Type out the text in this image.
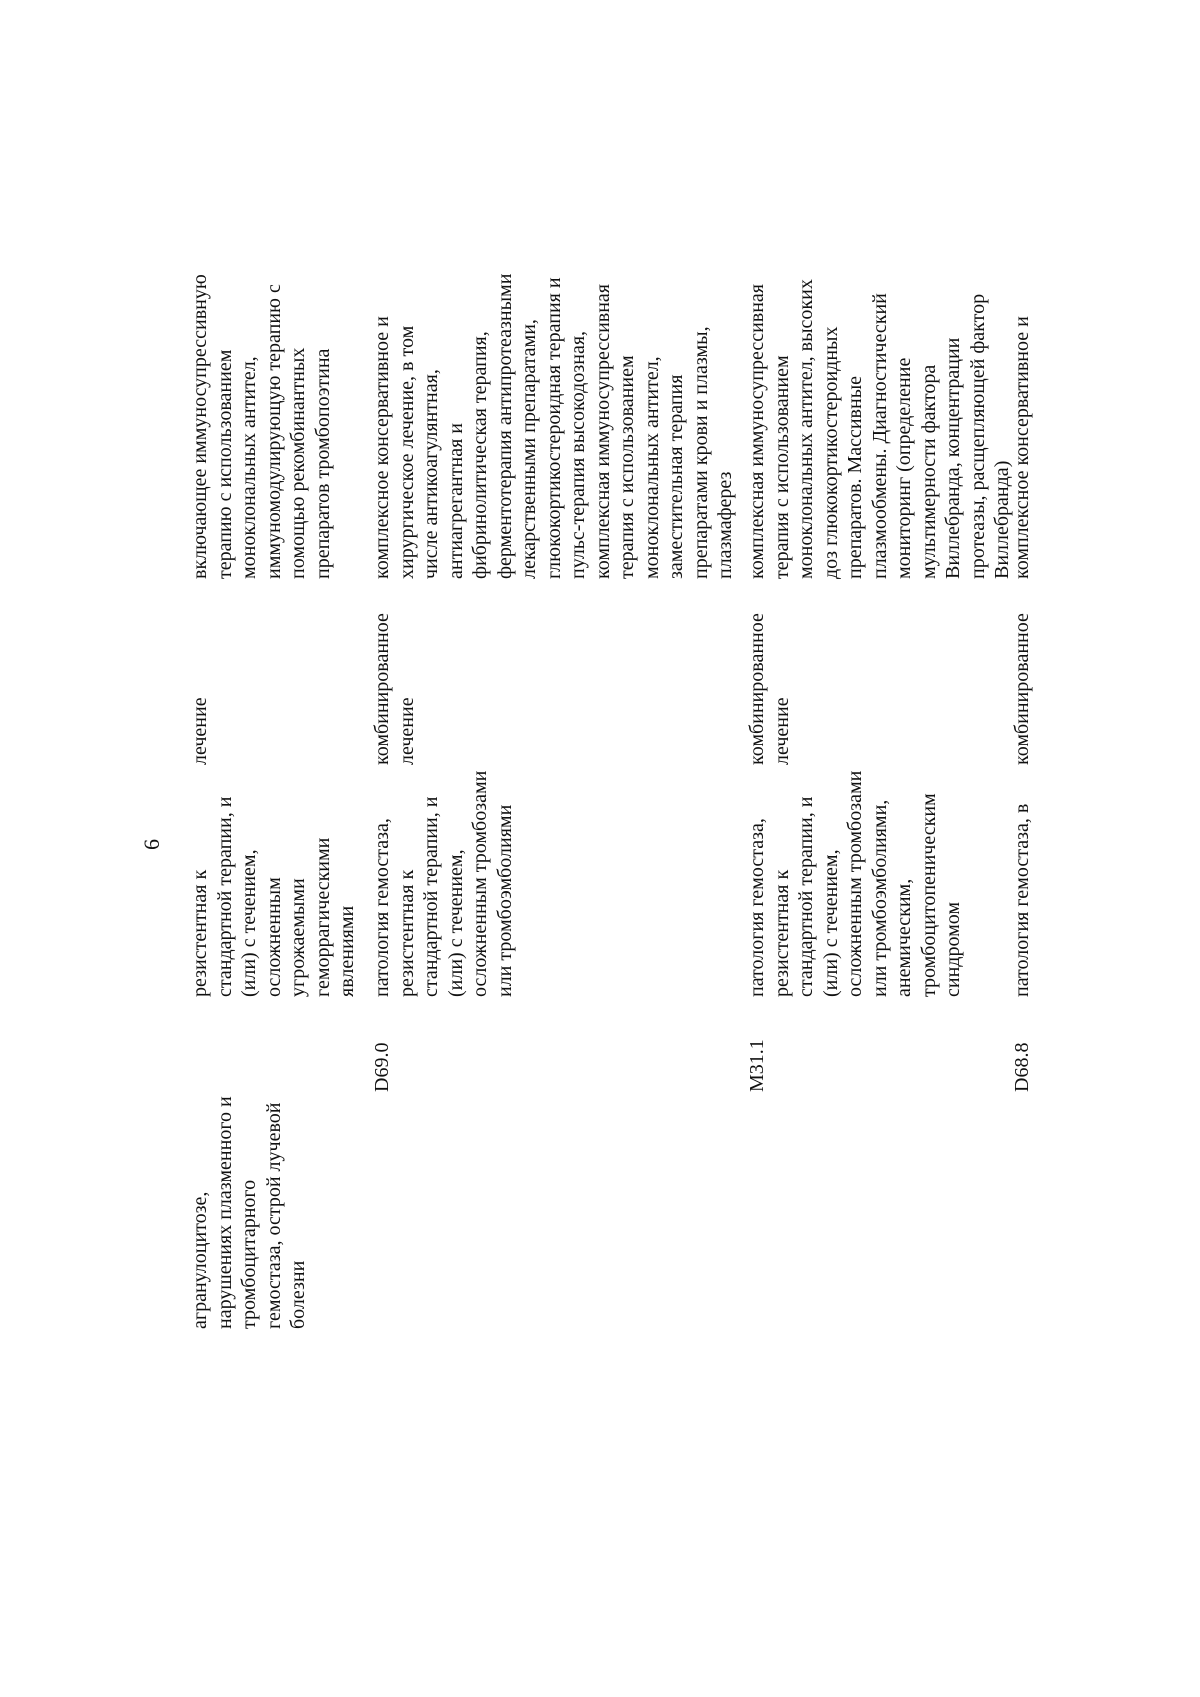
6
агранулоцитозе, нарушениях плазменного и тромбоцитарного гемостаза, острой лучевой болезни
резистентная к стандартной терапии, и (или) с течением, осложненным угрожаемыми геморрагическими явлениями
лечение
включающее иммуносупрессивную терапию с использованием моноклональных антител, иммуномодулирующую терапию с помощью рекомбинантных препаратов тромбопоэтина
D69.0
патология гемостаза, резистентная к стандартной терапии, и (или) с течением, осложненным тромбозами или тромбоэмболиями
комбинированное лечение
комплексное консервативное и хирургическое лечение, в том числе антикоагулянтная, антиагрегантная и фибринолитическая терапия, ферментотерапия антипротеазными лекарственными препаратами, глюкокортикостероидная терапия и пульс-терапия высокодозная, комплексная иммуносупрессивная терапия с использованием моноклональных антител, заместительная терапия препаратами крови и плазмы, плазмаферез
M31.1
патология гемостаза, резистентная к стандартной терапии, и (или) с течением, осложненным тромбозами или тромбоэмболиями, анемическим, тромбоцитопеническим синдромом
комбинированное лечение
комплексная иммуносупрессивная терапия с использованием моноклональных антител, высоких доз глюкокортикостероидных препаратов. Массивные плазмообмены. Диагностический мониторинг (определение мультимерности фактора Виллебранда, концентрации протеазы, расщепляющей фактор Виллебранда)
D68.8
патология гемостаза, в
комбинированное
комплексное консервативное и
